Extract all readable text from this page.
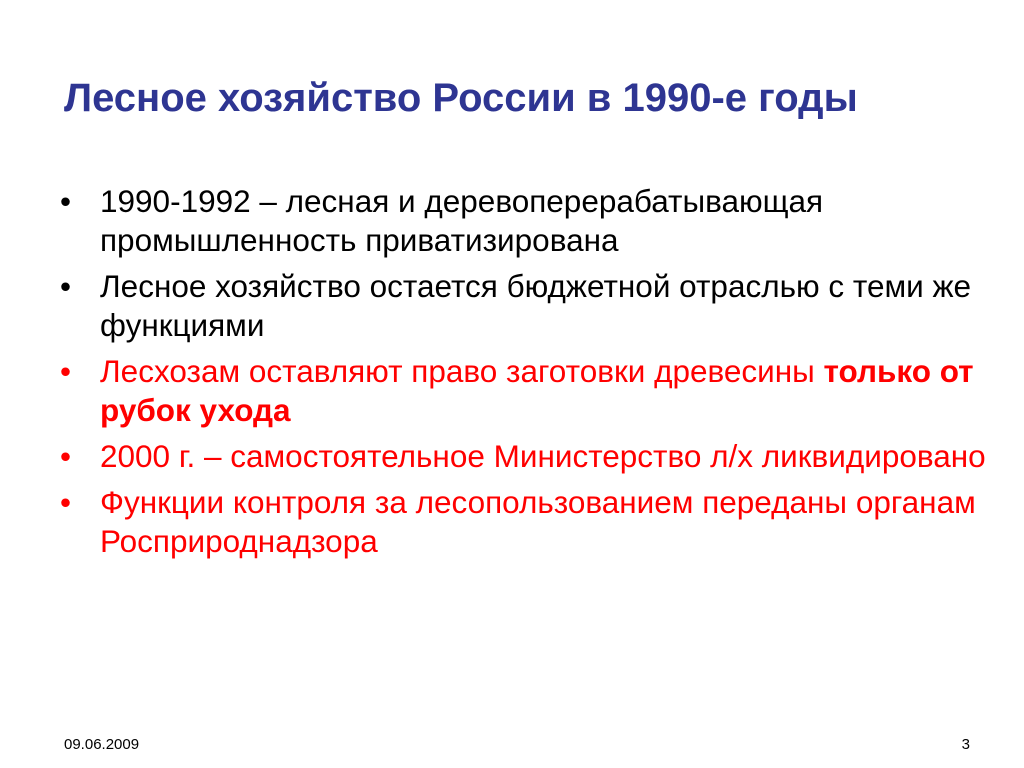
Лесное хозяйство России в 1990-е годы
• 1990-1992 – лесная и деревоперерабатывающая промышленность приватизирована
• Лесное хозяйство остается бюджетной отраслью с теми же функциями
• Лесхозам оставляют право заготовки древесины только от рубок ухода
• 2000 г. – самостоятельное Министерство л/х ликвидировано
• Функции контроля за лесопользованием переданы органам Росприроднадзора
09.06.2009	3
